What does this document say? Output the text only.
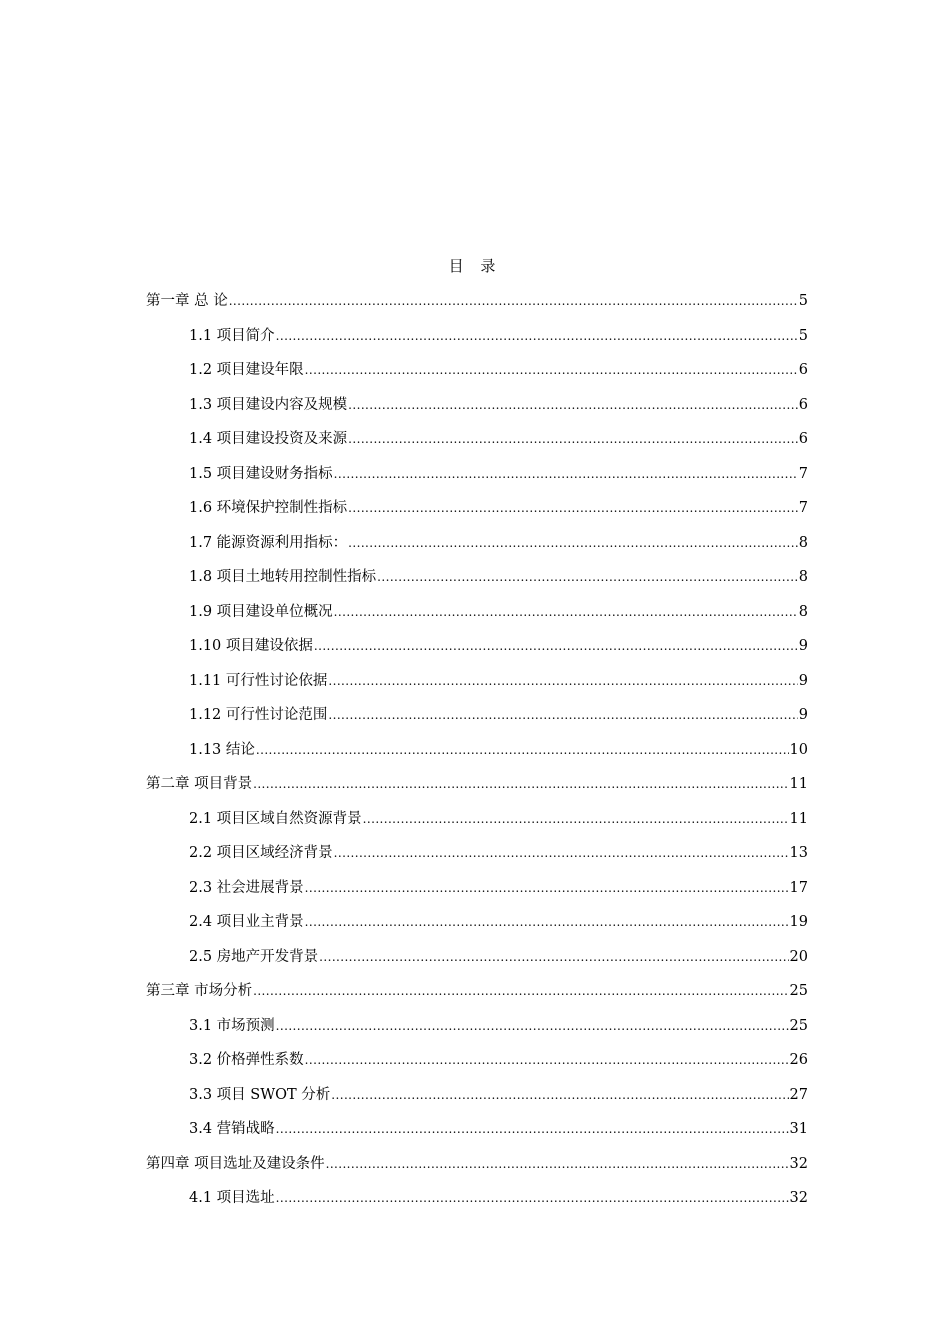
目 录
第一章 总 论 .....	5
1.1 项目简介 .....	5
1.2 项目建设年限 .....	6
1.3 项目建设内容及规模 .....	6
1.4 项目建设投资及来源 .....	6
1.5 项目建设财务指标 .....	7
1.6 环境保护控制性指标 .....	7
1.7 能源资源利用指标： .....	8
1.8 项目土地转用控制性指标 .....	8
1.9 项目建设单位概况 .....	8
1.10 项目建设依据 .....	9
1.11 可行性讨论依据 .....	9
1.12 可行性讨论范围 .....	9
1.13 结论 .....	10
第二章 项目背景 .....	11
2.1 项目区域自然资源背景 .....	11
2.2 项目区域经济背景 .....	13
2.3 社会进展背景 .....	17
2.4 项目业主背景 .....	19
2.5 房地产开发背景 .....	20
第三章 市场分析 .....	25
3.1 市场预测 .....	25
3.2 价格弹性系数 .....	26
3.3 项目 SWOT 分析 .....	27
3.4 营销战略 .....	31
第四章 项目选址及建设条件 .....	32
4.1 项目选址 .....	32
